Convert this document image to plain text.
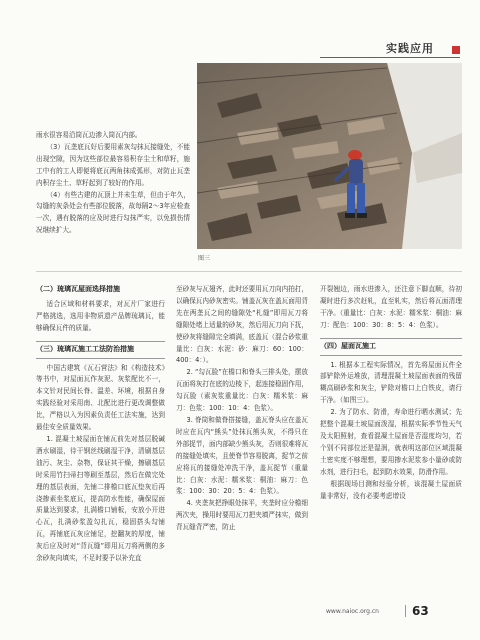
实践应用

雨水很容易沿筒瓦边渗入筒瓦内部。

（3）瓦垄底瓦好后要用素灰勾抹瓦接缝处，不能出现空隙，因为这些部位最容易积存尘土和草籽，施工中有的工人即便将底瓦两角抹成弧形，对防止瓦垄内积存尘土、草籽起到了较好的作用。

（4）有些古建的瓦顶上并未生草，但由于年久，勾缝的灰条处会有些部位脱落，故每隔2～3年应检查一次，遇有脱落的应及时进行勾抹严实，以免损伤情况继续扩大。

图三

（二）琉璃瓦屋面选择措施

适合区域和材料要求，对瓦片厂家进行严格挑选，选用非物质遗产品牌琉璃瓦，能够确保瓦件的质量。

（三）琉璃瓦施工工法防治措施

中国古建筑《瓦石营法》和《构造技术》等书中，对屋面瓦作灰泥、灰浆配比不一，本文针对民间长脊、温差、环境，根据自身实践经验对采用南、北配比进行更改调整做比，严格以入为因素负责任工法实施，达到最佳安全质量效果。

1. 混凝土坡屋面在铺瓦前先对基层脱碱酒水刷湿，待干钢丝线刷湿干净，清刷基层油污、灰尘、杂物，保证其干燥，擦刷基层时采用竹扫帚扫等刷至基层，然后在做完处理的基层表面，先铺二排檐口底瓦垫灰后再浇掺素坐浆底瓦，提高防水性能，确保屋面质量达到要求，扎满檐口铺板，安放小开进心瓦，扎满砂浆盈勾扎瓦，稳固搭头勾铺瓦，再铺底瓦灰应铺足，挖翻灰的厚度，铺灰后应及时对“背瓦缝”即用瓦刀将两侧的多余砂灰向填实，不足时要予以补充直

至砂灰与瓦翅齐，此时还要用瓦刀向内拍打，以确保瓦内砂灰密实。铺盖瓦灰在盖瓦面用背先在两垄瓦之间的缝隙处“札缝”即用瓦刀将缝隙处堵上适量的砂灰，然后用瓦刀向下抚，使砂灰将缝隙完全填满，底盖瓦（混合砂浆重量比：白灰：水泥：砂：麻刀：60：100：400：4：）。

2. “勾瓦脸”在檐口和脊头三排头处，摆放瓦面将灰打在底的边棱下，起连接稳固作用，勾瓦脸（素灰浆重量比：白灰：糯米浆：麻刀：色浆：100：10：4：色浆）。

3. 脊筒和做脊搭接缝，盖瓦脊头应在盖瓦时应在瓦内“熊头”处抹瓦熊头灰，不得只在外部捉节，面内部缺少熊头灰，否则很难将瓦的接缝处填实，且使脊节容易脱离，捉节之前应将瓦的接缝处冲洗干净，盖瓦捉节（重量比：白灰：水泥：糯米浆：桐油：麻刀：色浆：100：30：20：5：4：色浆）。

4. 夹垄灰把挣眼处抹平，夹垄时应分檐细两次夹，操用时要用瓦刀把夹填严抹实，做到背瓦缝背严密，防止

开裂翘边，雨水进渗入，还注意下脚直顺，待初凝时进行多次赶轧，直至轧实，然后将瓦面清理干净。（重量比：白灰：水泥：糯米浆：桐油：麻刀：配色：100：30：8：5：4：色浆）。

（四）屋面瓦施工

1. 根据本工程实际情况，首先将屋面瓦件全部铲除外运堆放，清理混凝土坡屋面表面的残留糊高刷砂浆和灰尘，铲除对檐口上白铁皮，请行干净。（如图三）。

2. 为了防水、防滑，寿命进行晒水测试；先把整个混凝土坡屋面泼湿，根据实际季节性天气及太阳照射，查看混凝土屋面是否湿度均匀，若个别不同部位还是湿润，就表明这部位区域混凝土密实度不够理想，要用掺水泥浆参小量砂或防水剂，进行扫毛，起到防水效果，防滑作用。

根据现场目测和经验分析，该混凝土屋面质量非常好，没有必要考虑增设

www.naioc.org.cn	63
